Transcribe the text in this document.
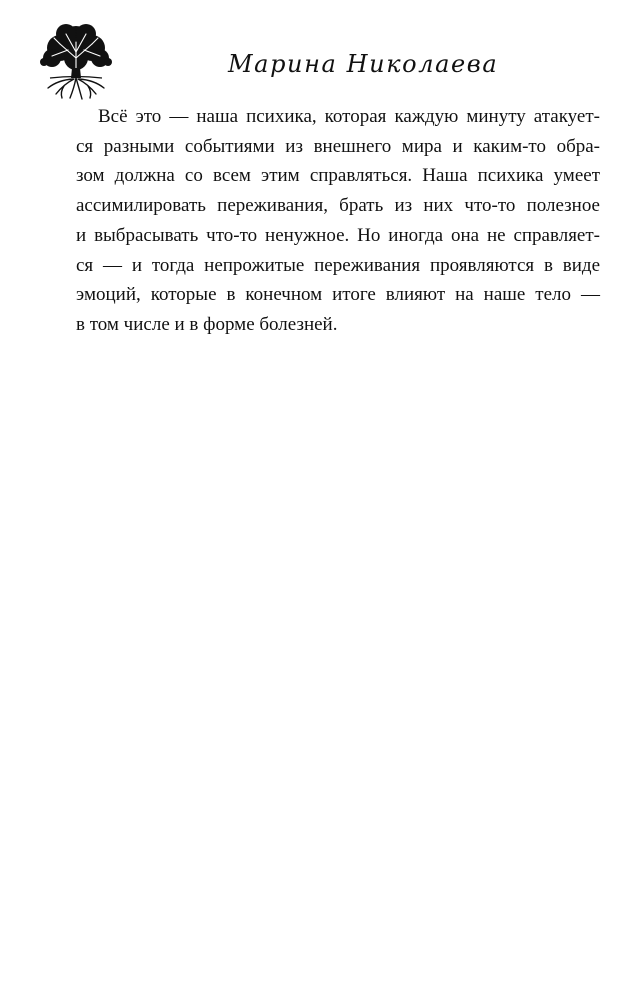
Марина Николаева
Всё это — наша психика, которая каждую минуту атакует-
ся разными событиями из внешнего мира и каким-то обра-
зом должна со всем этим справляться. Наша психика умеет
ассимилировать переживания, брать из них что-то полезное
и выбрасывать что-то ненужное. Но иногда она не справляет-
ся — и тогда непрожитые переживания проявляются в виде
эмоций, которые в конечном итоге влияют на наше тело —
в том числе и в форме болезней.
